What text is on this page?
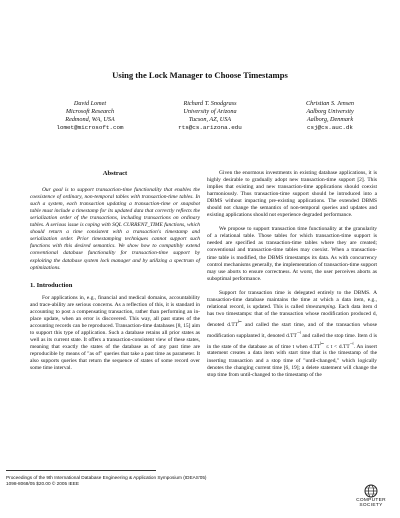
Using the Lock Manager to Choose Timestamps
David Lomet
Microsoft Research
Redmond, WA, USA
lomet@microsoft.com
Richard T. Snodgrass
University of Arizona
Tucson, AZ, USA
rts@cs.arizona.edu
Christian S. Jensen
Aalborg University
Aalborg, Denmark
csj@cs.auc.dk
Abstract

Our goal is to support transaction-time functionality that enables the coexistence of ordinary, non-temporal tables with transaction-time tables. In such a system, each transaction updating a transaction-time or snapshot table must include a timestamp for its updated data that correctly reflects the serialization order of the transactions, including transactions on ordinary tables. A serious issue is coping with SQL CURRENT_TIME functions, which should return a time consistent with a transaction's timestamp and serialization order. Prior timestamping techniques cannot support such functions with this desired semantics. We show how to compatibly extend conventional database functionality for transaction-time support by exploiting the database system lock manager and by utilizing a spectrum of optimizations.

1. Introduction

For applications in, e.g., financial and medical domains, accountability and trace-ability are serious concerns. As a reflection of this, it is standard in accounting to post a compensating transaction, rather than performing an in-place update, when an error is discovered. This way, all past states of the accounting records can be reproduced. Transaction-time databases [8, 15] aim to support this type of application. Such a database retains all prior states as well as its current state. It offers a transaction-consistent view of these states, meaning that exactly the states of the database as of any past time are reproducible by means of "as of" queries that take a past time as parameter. It also supports queries that return the sequence of states of some record over some time interval.

Given the enormous investments in existing database applications, it is highly desirable to gradually adopt new transaction-time support [2]. This implies that existing and new transaction-time applications should coexist harmoniously. Thus transaction-time support should be introduced into a DBMS without impacting pre-existing applications. The extended DBMS should not change the semantics of non-temporal queries and updates and existing applications should not experience degraded performance.

We propose to support transaction time functionality at the granularity of a relational table. Those tables for which transaction-time support is needed are specified as transaction-time tables where they are created; conventional and transaction-time tables may coexist. When a transaction-time table is modified, the DBMS timestamps its data. As with concurrency control mechanisms generally, the implementation of transaction-time support may use aborts to ensure correctness. At worst, the user perceives aborts as suboptimal performance.

Support for transaction time is delegated entirely to the DBMS. A transaction-time database maintains the time at which a data item, e.g., relational record, is updated. This is called timestamping. Each data item d has two timestamps: that of the transaction whose modification produced d, denoted d.TT⊢ and called the start time, and of the transaction whose modification supplanted it, denoted d.TT⊣ and called the stop time. Item d is in the state of the database as of time t when d.TT⊢ ≤ t < d.TT⊣. An insert statement creates a data item with start time that is the timestamp of the inserting transaction and a stop time of "until-changed," which logically denotes the changing current time [6, 19]; a delete statement will change the stop time from until-changed to the timestamp of the

Proceedings of the 9th International Database Engineering & Application Symposium (IDEAS'05)
1098-8068/05 $20.00 © 2005 IEEE
COMPUTER
SOCIETY
